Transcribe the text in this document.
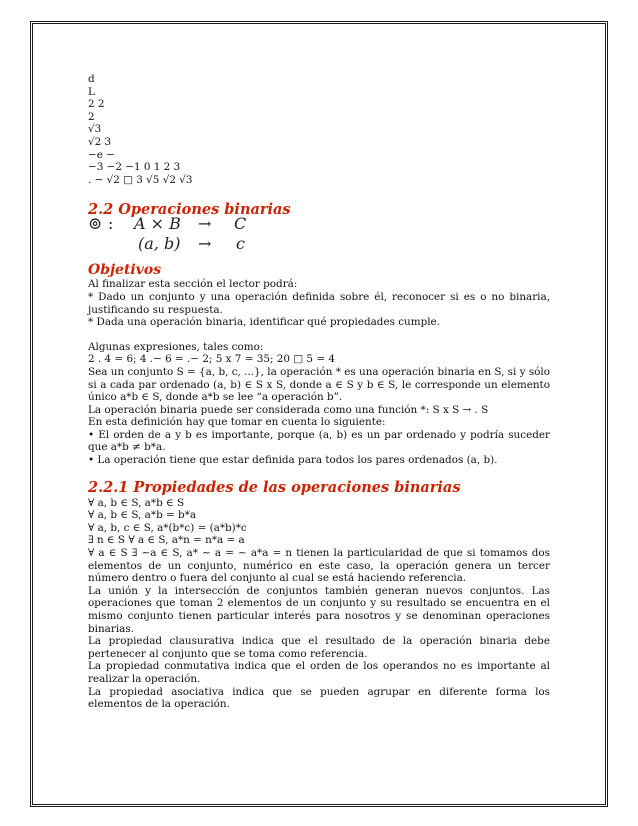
d
L
2 2
2
√3
√2 3
−e −
−3 −2 −1 0 1 2 3
. − √2 □ 3 √5 √2 √3
2.2 Operaciones binarias
⊚ : A × B → C
(a, b) → c
Objetivos
Al finalizar esta sección el lector podrá:
* Dado un conjunto y una operación definida sobre él, reconocer si es o no binaria, justificando su respuesta.
* Dada una operación binaria, identificar qué propiedades cumple.
Algunas expresiones, tales como:
2 . 4 = 6; 4 .− 6 = .− 2; 5 x 7 = 35; 20 □ 5 = 4
Sea un conjunto S = {a, b, c, ...}, la operación * es una operación binaria en S, si y sólo si a cada par ordenado (a, b) ∈ S x S, donde a ∈ S y b ∈ S, le corresponde un elemento único a*b ∈ S, donde a*b se lee “a operación b”.
La operación binaria puede ser considerada como una función *: S x S → . S
En esta definición hay que tomar en cuenta lo siguiente:
• El orden de a y b es importante, porque (a, b) es un par ordenado y podría suceder que a*b ≠ b*a.
• La operación tiene que estar definida para todos los pares ordenados (a, b).
2.2.1 Propiedades de las operaciones binarias
∀ a, b ∈ S, a*b ∈ S
∀ a, b ∈ S, a*b = b*a
∀ a, b, c ∈ S, a*(b*c) = (a*b)*c
∃ n ∈ S ∀ a ∈ S, a*n = n*a = a
∀ a ∈ S ∃ ∼a ∈ S, a* ∼ a = ∼ a*a = n tienen la particularidad de que si tomamos dos elementos de un conjunto, numérico en este caso, la operación genera un tercer número dentro o fuera del conjunto al cual se está haciendo referencia.
La unión y la intersección de conjuntos también generan nuevos conjuntos. Las operaciones que toman 2 elementos de un conjunto y su resultado se encuentra en el mismo conjunto tienen particular interés para nosotros y se denominan operaciones binarias.
La propiedad clausurativa indica que el resultado de la operación binaria debe pertenecer al conjunto que se toma como referencia.
La propiedad conmutativa indica que el orden de los operandos no es importante al realizar la operación.
La propiedad asociativa indica que se pueden agrupar en diferente forma los elementos de la operación.
